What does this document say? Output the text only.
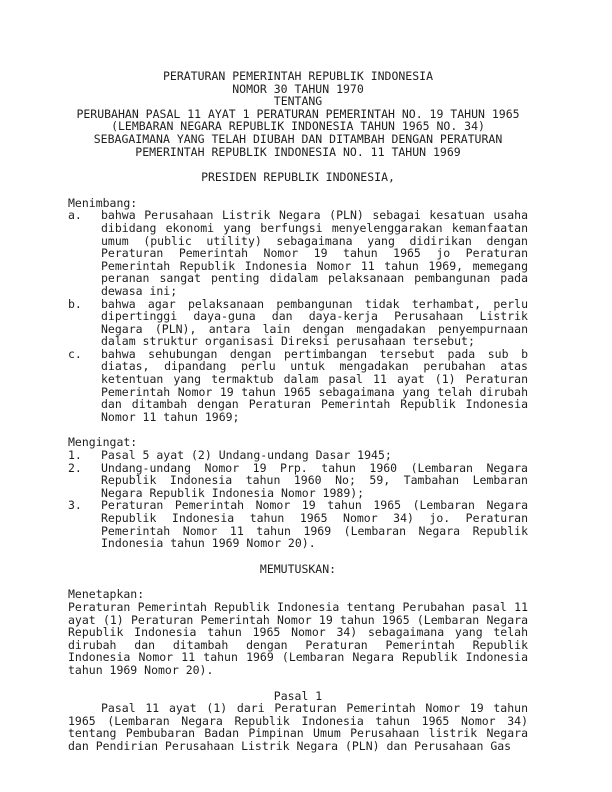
PERATURAN PEMERINTAH REPUBLIK INDONESIA
NOMOR 30 TAHUN 1970
TENTANG
PERUBAHAN PASAL 11 AYAT 1 PERATURAN PEMERINTAH NO. 19 TAHUN 1965
(LEMBARAN NEGARA REPUBLIK INDONESIA TAHUN 1965 NO. 34)
SEBAGAIMANA YANG TELAH DIUBAH DAN DITAMBAH DENGAN PERATURAN
PEMERINTAH REPUBLIK INDONESIA NO. 11 TAHUN 1969
PRESIDEN REPUBLIK INDONESIA,
Menimbang:
a.	bahwa Perusahaan Listrik Negara (PLN) sebagai kesatuan usaha dibidang ekonomi yang berfungsi menyelenggarakan kemanfaatan umum (public utility) sebagaimana yang didirikan dengan Peraturan Pemerintah Nomor 19 tahun 1965 jo Peraturan Pemerintah Republik Indonesia Nomor 11 tahun 1969, memegang peranan sangat penting didalam pelaksanaan pembangunan pada dewasa ini;
b.	bahwa agar pelaksanaan pembangunan tidak terhambat, perlu dipertinggi daya-guna dan daya-kerja Perusahaan Listrik Negara (PLN), antara lain dengan mengadakan penyempurnaan dalam struktur organisasi Direksi perusahaan tersebut;
c.	bahwa sehubungan dengan pertimbangan tersebut pada sub b diatas, dipandang perlu untuk mengadakan perubahan atas ketentuan yang termaktub dalam pasal 11 ayat (1) Peraturan Pemerintah Nomor 19 tahun 1965 sebagaimana yang telah dirubah dan ditambah dengan Peraturan Pemerintah Republik Indonesia Nomor 11 tahun 1969;
Mengingat:
1.	Pasal 5 ayat (2) Undang-undang Dasar 1945;
2.	Undang-undang Nomor 19 Prp. tahun 1960 (Lembaran Negara Republik Indonesia tahun 1960 No; 59, Tambahan Lembaran Negara Republik Indonesia Nomor 1989);
3.	Peraturan Pemerintah Nomor 19 tahun 1965 (Lembaran Negara Republik Indonesia tahun 1965 Nomor 34) jo. Peraturan Pemerintah Nomor 11 tahun 1969 (Lembaran Negara Republik Indonesia tahun 1969 Nomor 20).
MEMUTUSKAN:
Menetapkan:

Peraturan Pemerintah Republik Indonesia tentang Perubahan pasal 11 ayat (1) Peraturan Pemerintah Nomor 19 tahun 1965 (Lembaran Negara Republik Indonesia tahun 1965 Nomor 34) sebagaimana yang telah dirubah dan ditambah dengan Peraturan Pemerintah Republik Indonesia Nomor 11 tahun 1969 (Lembaran Negara Republik Indonesia tahun 1969 Nomor 20).

Pasal 1

Pasal 11 ayat (1) dari Peraturan Pemerintah Nomor 19 tahun 1965 (Lembaran Negara Republik Indonesia tahun 1965 Nomor 34) tentang Pembubaran Badan Pimpinan Umum Perusahaan listrik Negara dan Pendirian Perusahaan Listrik Negara (PLN) dan Perusahaan Gas
